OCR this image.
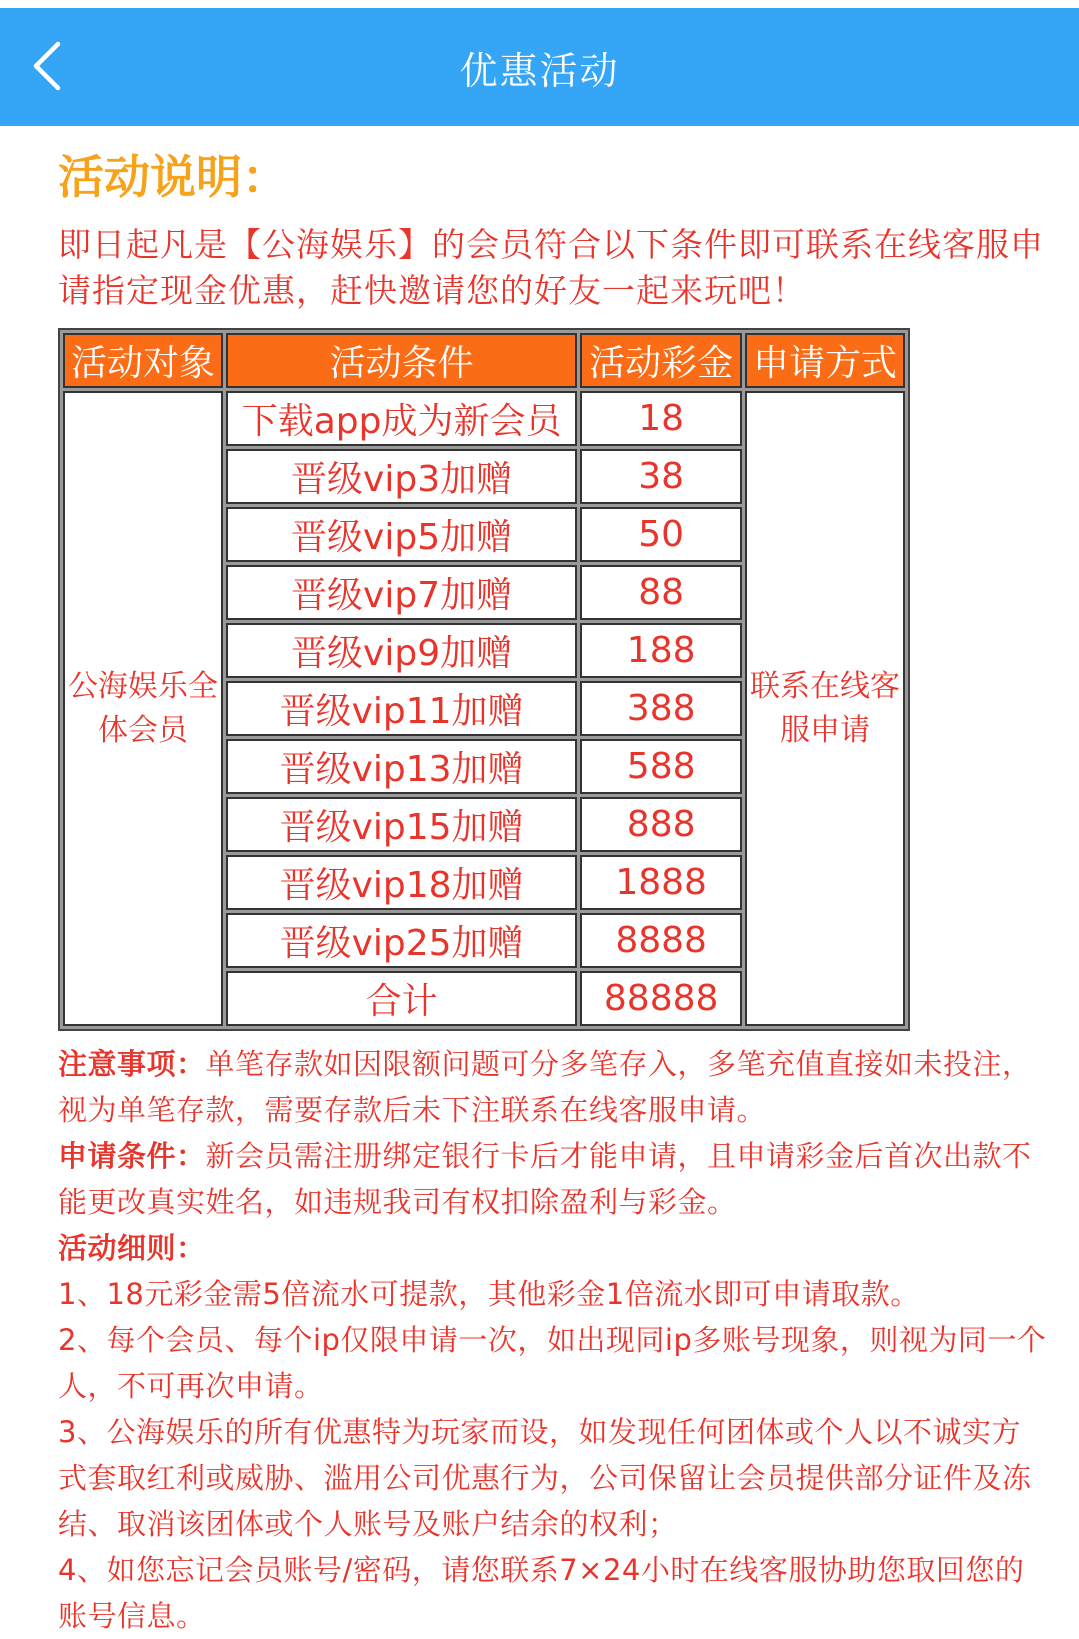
优惠活动
活动说明：
即日起凡是【公海娱乐】的会员符合以下条件即可联系在线客服申请指定现金优惠，赶快邀请您的好友一起来玩吧！
活动对象	活动条件	活动彩金	申请方式
公海娱乐全体会员	下载app成为新会员	18	联系在线客服申请
	晋级vip3加赠	38	
	晋级vip5加赠	50	
	晋级vip7加赠	88	
	晋级vip9加赠	188	
	晋级vip11加赠	388	
	晋级vip13加赠	588	
	晋级vip15加赠	888	
	晋级vip18加赠	1888	
	晋级vip25加赠	8888	
	合计	88888	

注意事项：单笔存款如因限额问题可分多笔存入，多笔充值直接如未投注，视为单笔存款，需要存款后未下注联系在线客服申请。

申请条件：新会员需注册绑定银行卡后才能申请，且申请彩金后首次出款不能更改真实姓名，如违规我司有权扣除盈利与彩金。

活动细则：

1、18元彩金需5倍流水可提款，其他彩金1倍流水即可申请取款。

2、每个会员、每个ip仅限申请一次，如出现同ip多账号现象，则视为同一个人，不可再次申请。

3、公海娱乐的所有优惠特为玩家而设，如发现任何团体或个人以不诚实方式套取红利或威胁、滥用公司优惠行为，公司保留让会员提供部分证件及冻结、取消该团体或个人账号及账户结余的权利；

4、如您忘记会员账号/密码，请您联系7×24小时在线客服协助您取回您的账号信息。
